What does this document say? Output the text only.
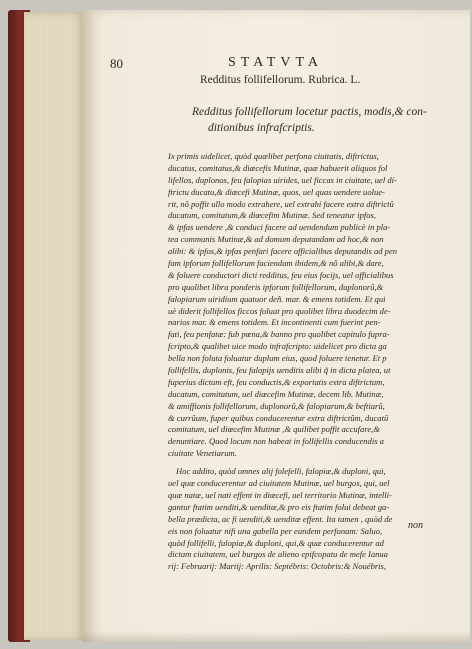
80	STATVTA
Redditus follifellorum. Rubrica. L.
Redditus follifellorum locetur pactis, modis,& con-
ditionibus infrafcriptis.
Ix primis uidelicet, quòd quælibet perfona ciuitatis, diftrictus,
ducatus, comitatus,& diœcefis Mutinæ, quæ habuerit aliquos fol
lifellos, duplonos, feu falopias uirides, uel ficcas in ciuitate, uel di-
ftrictu ducatu,& diœcefi Mutinæ, quos, uel quas uendere uolue-
rit, nô poffit ullo modo extrahere, uel extrahi facere extra diftrictû
ducatum, comitatum,& diœcefim Mutinæ. Sed teneatur ipfos,
& ipfas uendere ,& conduci facere ad uendendum publicè in pla-
tea communis Mutinæ,& ad domum deputandam ad hoc,& non
alibi: & ipfos,& ipfas penfari facere officialibus deputandis ad pen
fam ipforum follifellorum faciendam ibidem,& nô alibi,& dare,
& foluere conductori dicti redditus, feu eius focijs, uel officialibus
pro quolibet libra ponderis ipforum follifellorum, duplonorû,&
falopiarum uiridium quatuor deñ. mar. & emens totidem. Et qui
uè diderit follifellos ficcos foluat pro quolibet libra duodecim de-
narios mar. & emens totidem. Et incontinenti cum fuerint pen-
fati, feu penfatæ: fub pœna,& banno pro quolibet capitulo fupra-
fcripto,& qualibet uice modo infrafcripto: uidelicet pro dicta ga
bella non foluta foluatur duplum eius, quod foluere tenetur. Et p
follifellis, duplonis, feu falopijs uenditis alibi q̃ in dicta platea, ut
fuperius dictum eft, feu conductis,& exportatis extra diftrictum,
ducatum, comitatum, uel diœcefim Mutinæ, decem lib. Mutinæ,
& amiffionis follifellorum, duplonorû,& falopiarum,& beftiarû,
& currûum, fuper quibus conducerentur extra diftrictûm, ducatû
comitatum, uel diœcefim Mutinæ ,& quilibet poffit accufare,&
denuntiare. Quod locum non habeat in follifellis conducendis a
ciuitate Venetiarum.
Hoc addito, quòd omnes alij folefelli, falopiæ,& duploni, qui,
uel quæ conducerentur ad ciuitatem Mutinæ, uel burgos, qui, uel
quæ natæ, uel nati effent in diœcefi, uel territorio Mutinæ, intelli-
gantur ftatim uenditi,& uenditæ,& pro eis ftatim folui debeat ga-
bella prædicta, ac fi uenditi,& uenditæ effent. Ita tamen , quòd de
eis non foluatur nifi una gabella per eandem perfonam: Saluo,
quòd follifelli, falopiæ,& duploni, qui,& quæ conducerentur ad
dictam ciuitatem, uel burgos de alieno epifcopatu de mefe Ianua
rij: Februarij: Martij: Aprilis: Septébris: Octobris:& Nouébris,
non
